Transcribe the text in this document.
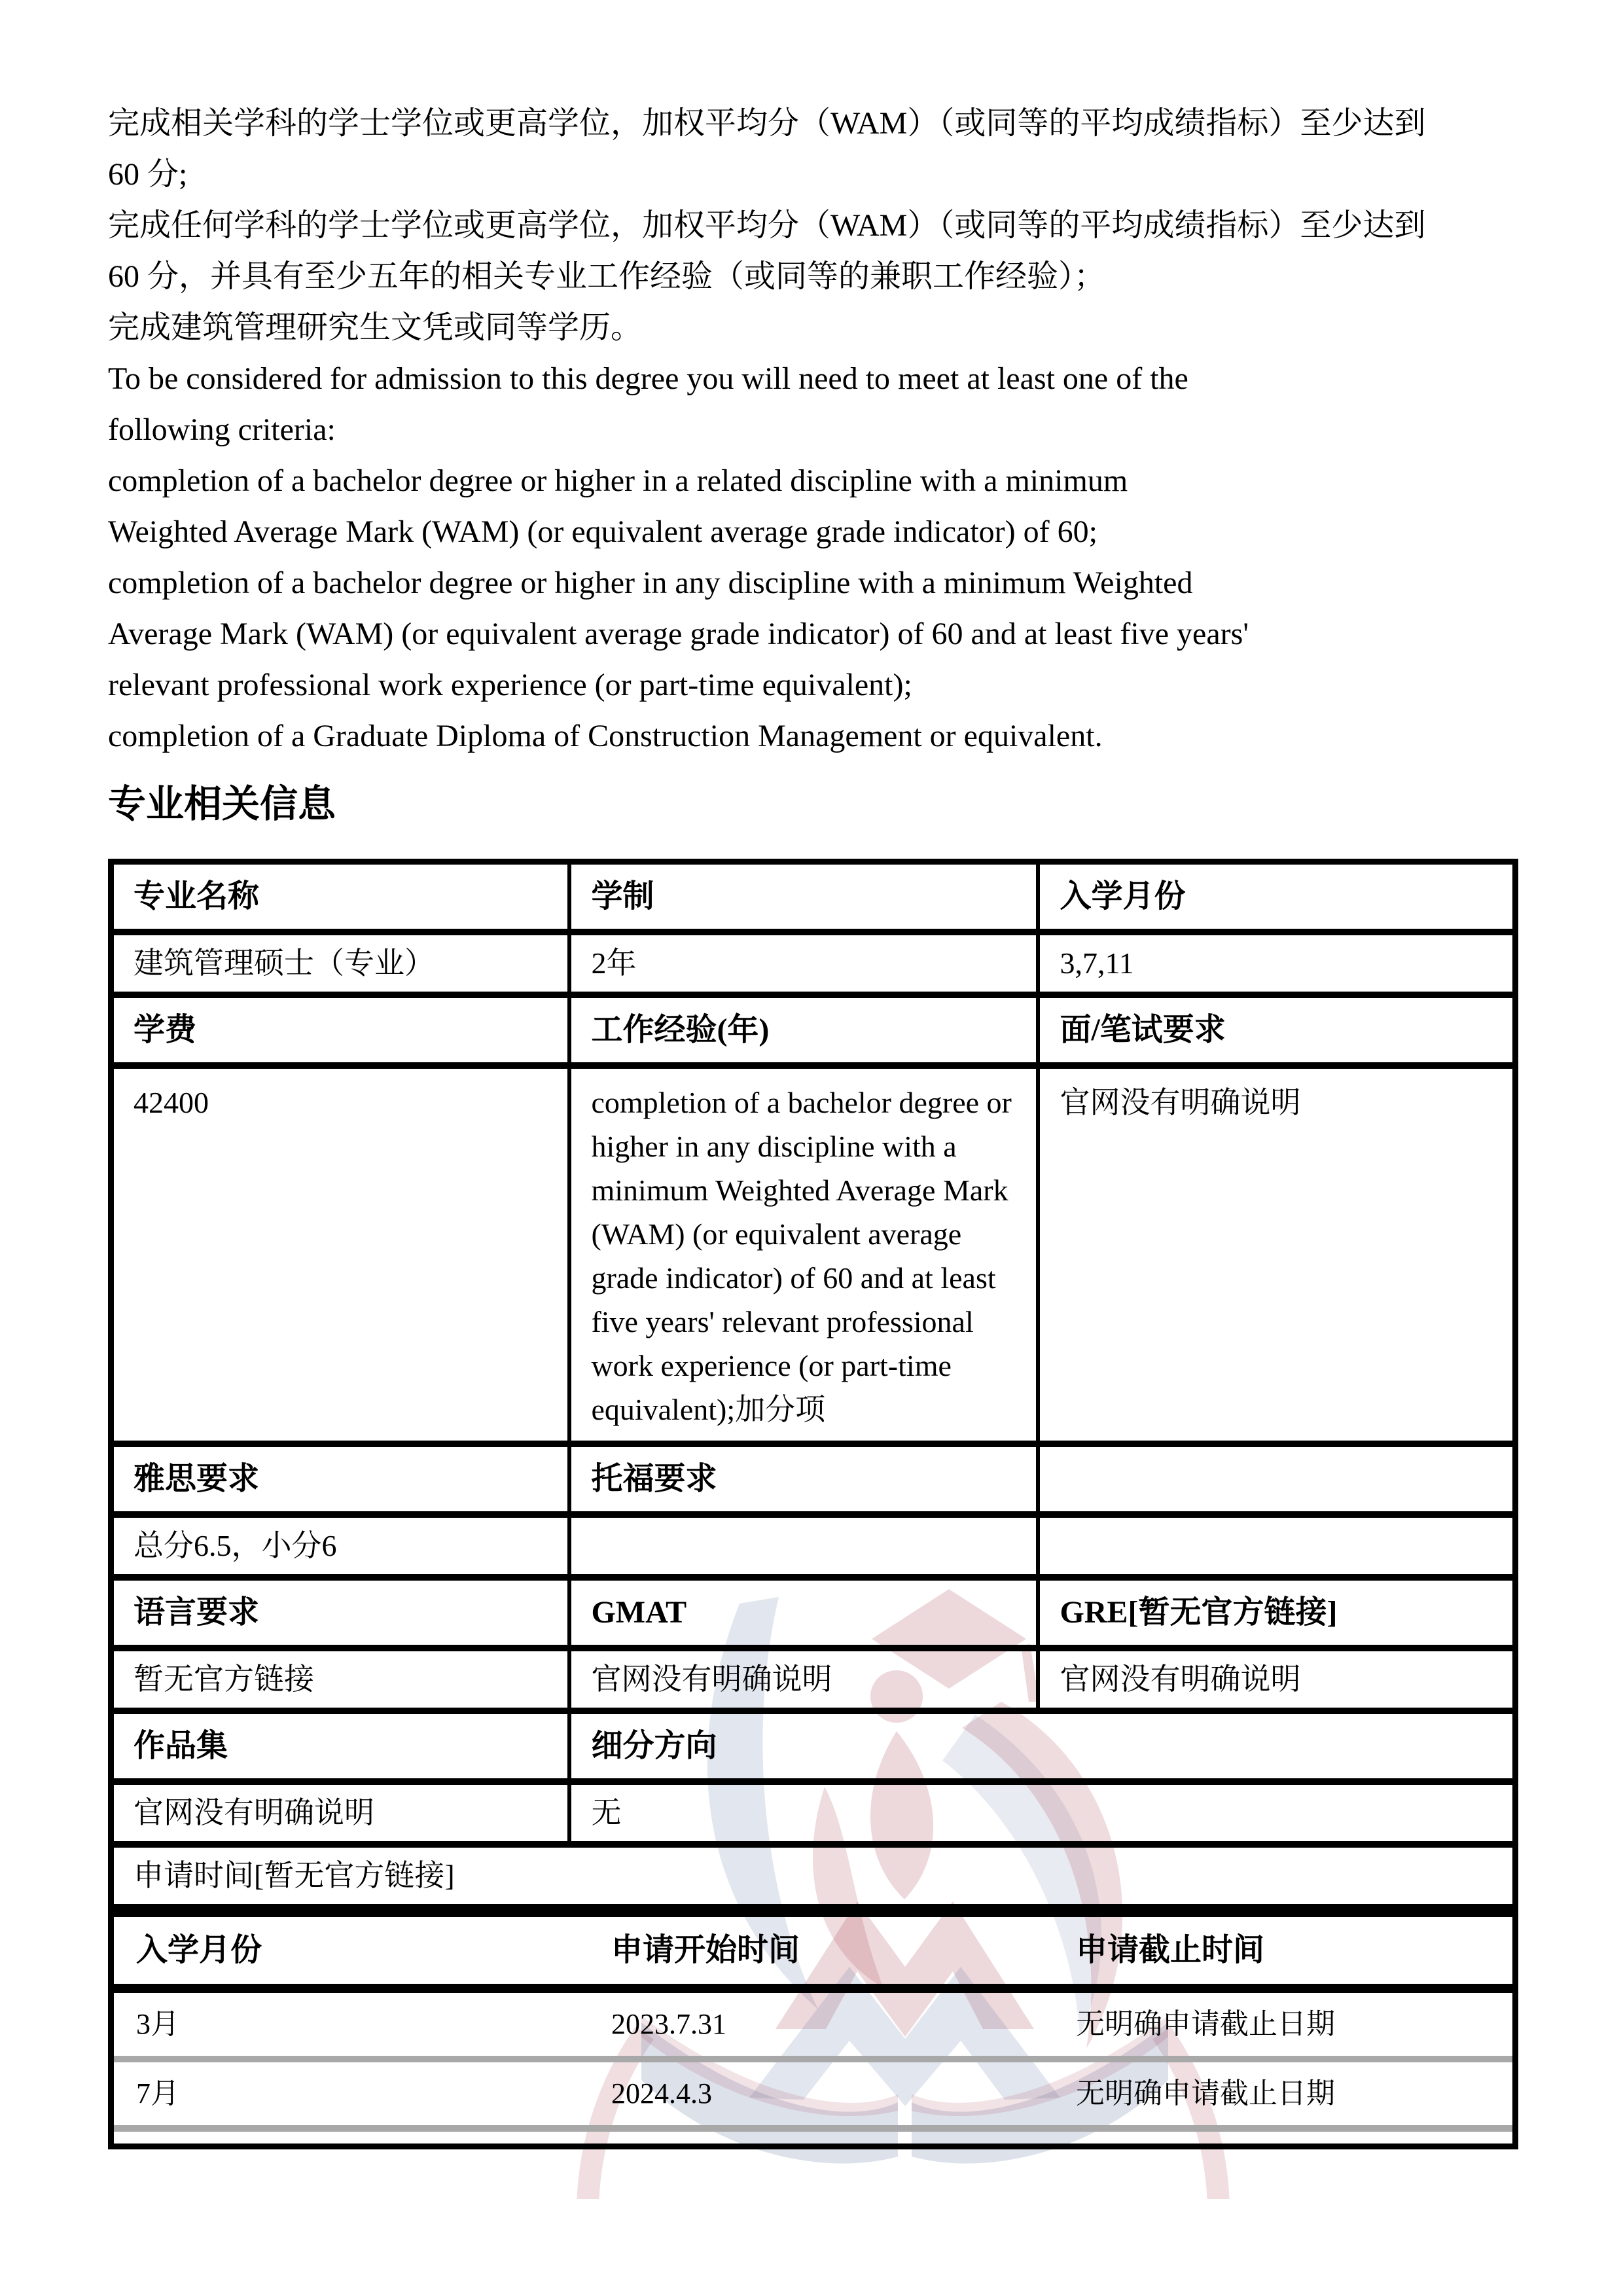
完成相关学科的学士学位或更高学位，加权平均分（WAM）（或同等的平均成绩指标）至少达到
60 分;
完成任何学科的学士学位或更高学位，加权平均分（WAM）（或同等的平均成绩指标）至少达到
60 分，并具有至少五年的相关专业工作经验（或同等的兼职工作经验）；
完成建筑管理研究生文凭或同等学历。
To be considered for admission to this degree you will need to meet at least one of the
following criteria:
completion of a bachelor degree or higher in a related discipline with a minimum
Weighted Average Mark (WAM) (or equivalent average grade indicator) of 60;
completion of a bachelor degree or higher in any discipline with a minimum Weighted
Average Mark (WAM) (or equivalent average grade indicator) of 60 and at least five years'
relevant professional work experience (or part-time equivalent);
completion of a Graduate Diploma of Construction Management or equivalent.
专业相关信息
专业名称	学制	入学月份
建筑管理硕士（专业）	2年	3,7,11
学费	工作经验(年)	面/笔试要求
42400	completion of a bachelor degree or higher in any discipline with a minimum Weighted Average Mark (WAM) (or equivalent average grade indicator) of 60 and at least five years' relevant professional work experience (or part-time equivalent);加分项	官网没有明确说明
雅思要求	托福要求	
总分6.5，小分6		
语言要求	GMAT	GRE[暂无官方链接]
暂无官方链接	官网没有明确说明	官网没有明确说明
作品集	细分方向
官网没有明确说明	无
申请时间[暂无官方链接]

入学月份	申请开始时间	申请截止时间
3月	2023.7.31	无明确申请截止日期
7月	2024.4.3	无明确申请截止日期
